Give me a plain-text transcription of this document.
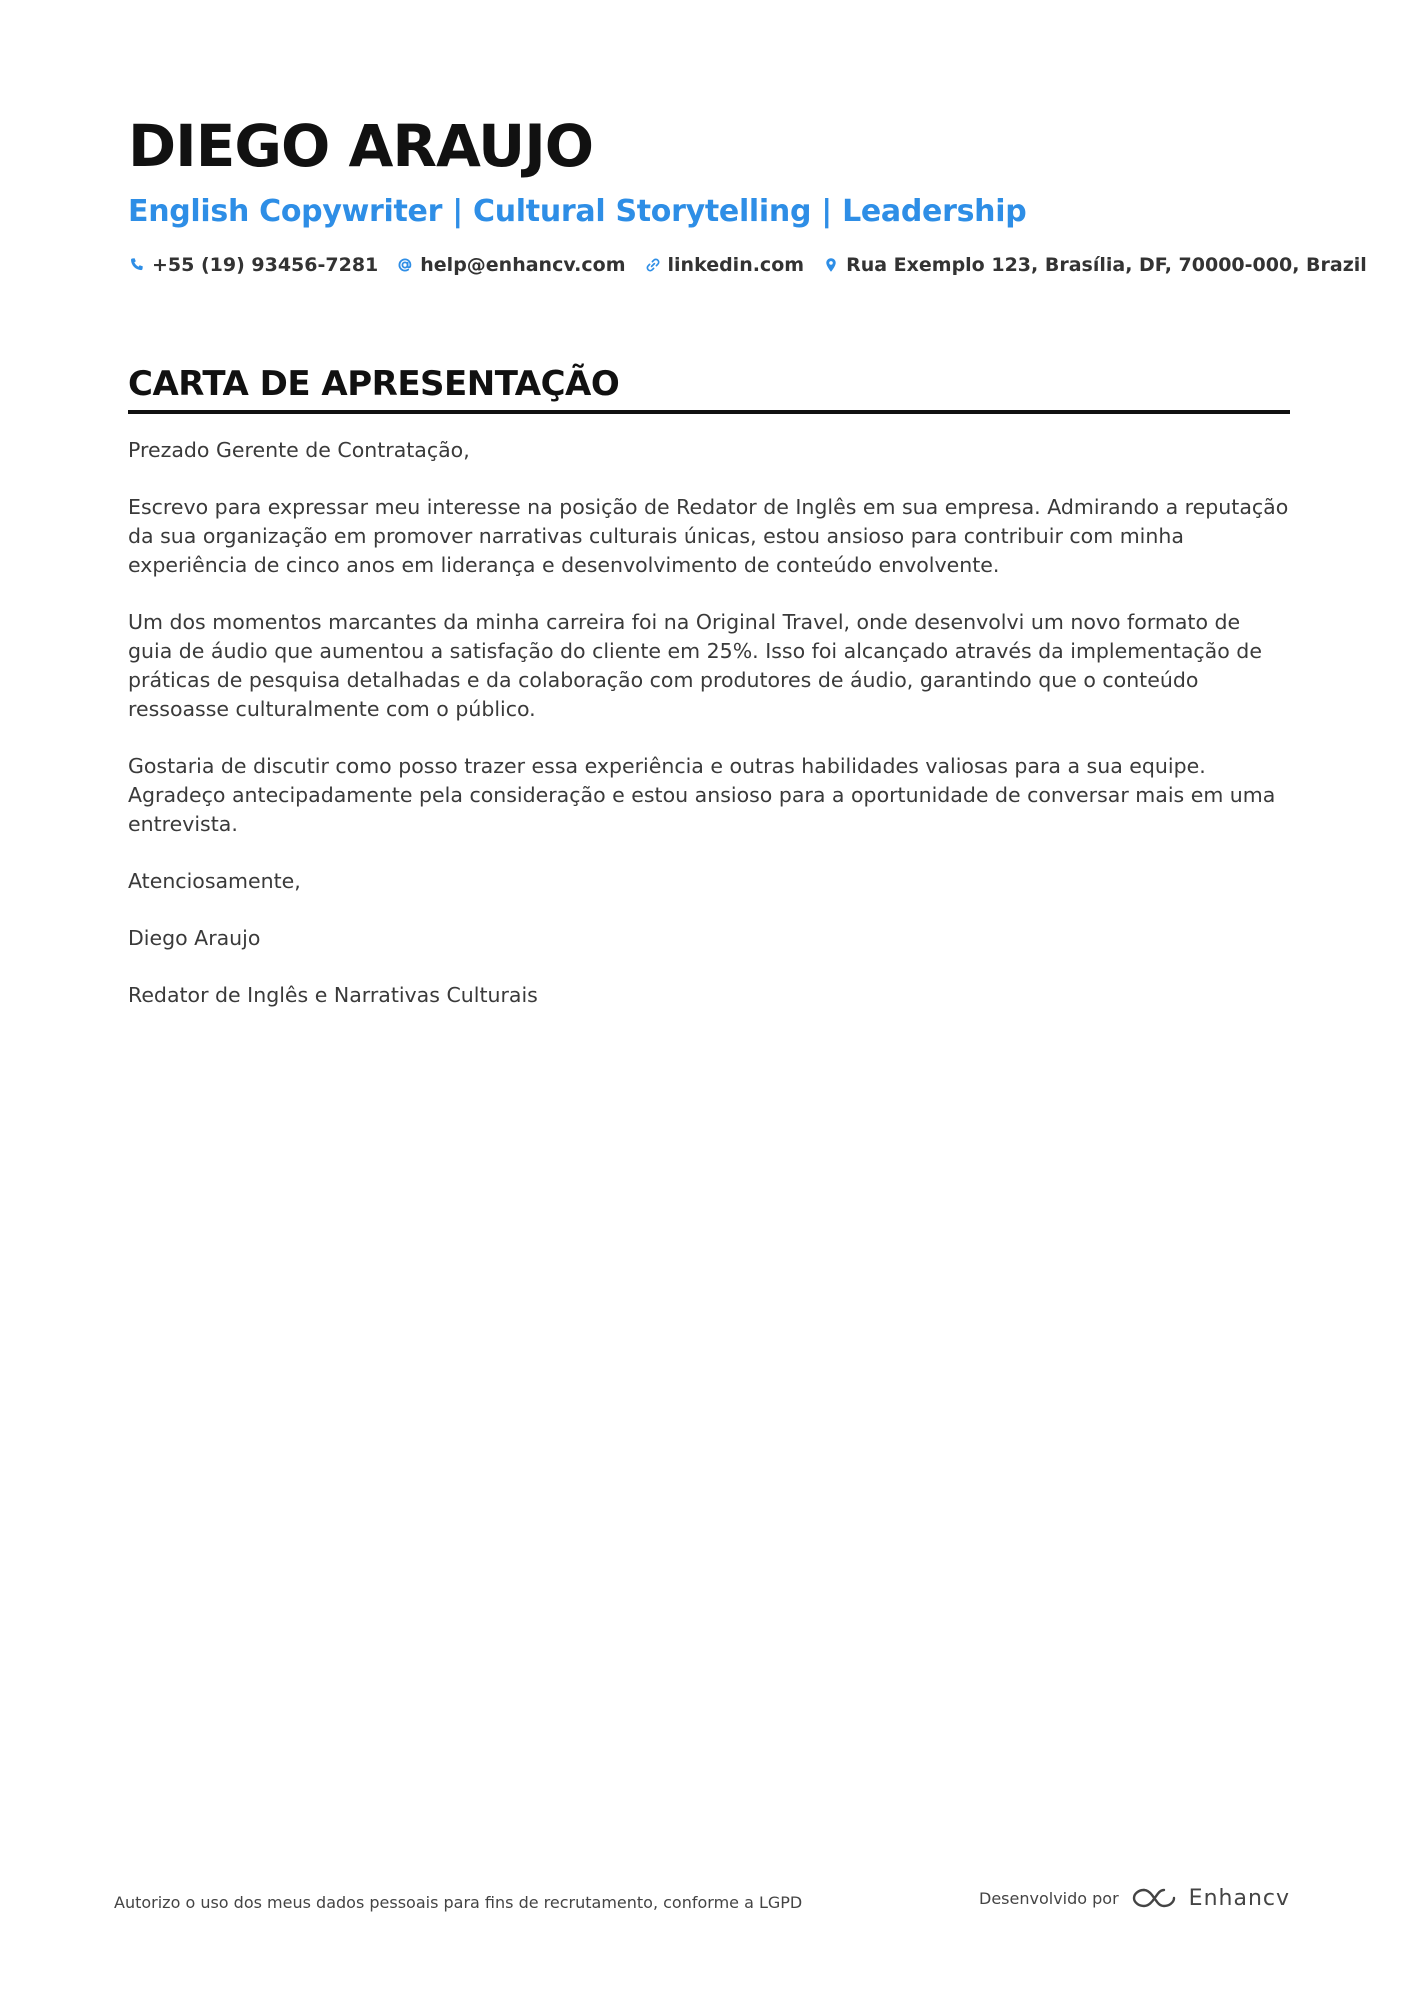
DIEGO ARAUJO
English Copywriter | Cultural Storytelling | Leadership
+55 (19) 93456-7281 help@enhancv.com linkedin.com Rua Exemplo 123, Brasília, DF, 70000-000, Brazil
CARTA DE APRESENTAÇÃO

Prezado Gerente de Contratação,

Escrevo para expressar meu interesse na posição de Redator de Inglês em sua empresa. Admirando a reputação da sua organização em promover narrativas culturais únicas, estou ansioso para contribuir com minha experiência de cinco anos em liderança e desenvolvimento de conteúdo envolvente.

Um dos momentos marcantes da minha carreira foi na Original Travel, onde desenvolvi um novo formato de guia de áudio que aumentou a satisfação do cliente em 25%. Isso foi alcançado através da implementação de práticas de pesquisa detalhadas e da colaboração com produtores de áudio, garantindo que o conteúdo ressoasse culturalmente com o público.

Gostaria de discutir como posso trazer essa experiência e outras habilidades valiosas para a sua equipe. Agradeço antecipadamente pela consideração e estou ansioso para a oportunidade de conversar mais em uma entrevista.

Atenciosamente,

Diego Araujo

Redator de Inglês e Narrativas Culturais

Autorizo o uso dos meus dados pessoais para fins de recrutamento, conforme a LGPD	Desenvolvido por	Enhancv
